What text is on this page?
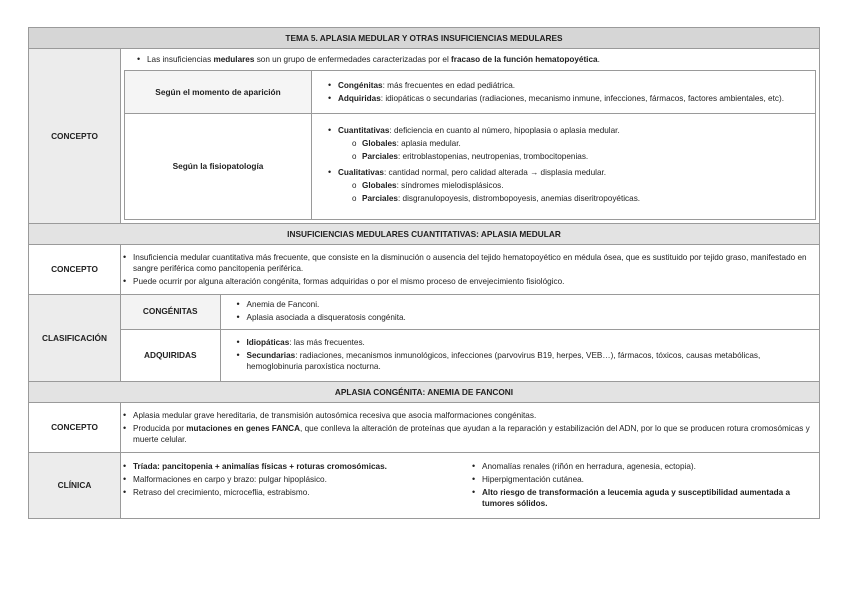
TEMA 5. APLASIA MEDULAR Y OTRAS INSUFICIENCIAS MEDULARES
CONCEPTO	
• Las insuficiencias medulares son un grupo de enfermedades caracterizadas por el fracaso de la función hematopoyética.
Según el momento de aparición	
• Congénitas: más frecuentes en edad pediátrica.
• Adquiridas: idiopáticas o secundarias (radiaciones, mecanismo inmune, infecciones, fármacos, factores ambientales, etc).

Según la fisiopatología	
• Cuantitativas: deficiencia en cuanto al número, hipoplasia o aplasia medular.
o Globales: aplasia medular.
o Parciales: eritroblastopenias, neutropenias, trombocitopenias.
• Cualitativas: cantidad normal, pero calidad alterada → displasia medular.
o Globales: síndromes mielodisplásicos.
o Parciales: disgranulopoyesis, distrombopoyesis, anemias diseritropoyéticas.

INSUFICIENCIAS MEDULARES CUANTITATIVAS: APLASIA MEDULAR
CONCEPTO	
• Insuficiencia medular cuantitativa más frecuente, que consiste en la disminución o ausencia del tejido hematopoyético en médula ósea, que es sustituido por tejido graso, manifestado en sangre periférica como pancitopenia periférica.
• Puede ocurrir por alguna alteración congénita, formas adquiridas o por el mismo proceso de envejecimiento fisiológico.

CLASIFICACIÓN	
CONGÉNITAS	
• Anemia de Fanconi.
• Aplasia asociada a disqueratosis congénita.

ADQUIRIDAS	
• Idiopáticas: las más frecuentes.
• Secundarias: radiaciones, mecanismos inmunológicos, infecciones (parvovirus B19, herpes, VEB…), fármacos, tóxicos, causas metabólicas, hemoglobinuria paroxística nocturna.

APLASIA CONGÉNITA: ANEMIA DE FANCONI
CONCEPTO	
• Aplasia medular grave hereditaria, de transmisión autosómica recesiva que asocia malformaciones congénitas.
• Producida por mutaciones en genes FANCA, que conlleva la alteración de proteínas que ayudan a la reparación y estabilización del ADN, por lo que se producen rotura cromosómicas y muerte celular.

CLÍNICA	
• Tríada: pancitopenia + animalías físicas + roturas cromosómicas.
• Malformaciones en carpo y brazo: pulgar hipoplásico.
• Retraso del crecimiento, microceflia, estrabismo.
• Anomalías renales (riñón en herradura, agenesia, ectopia).
• Hiperpigmentación cutánea.
• Alto riesgo de transformación a leucemia aguda y susceptibilidad aumentada a tumores sólidos.
